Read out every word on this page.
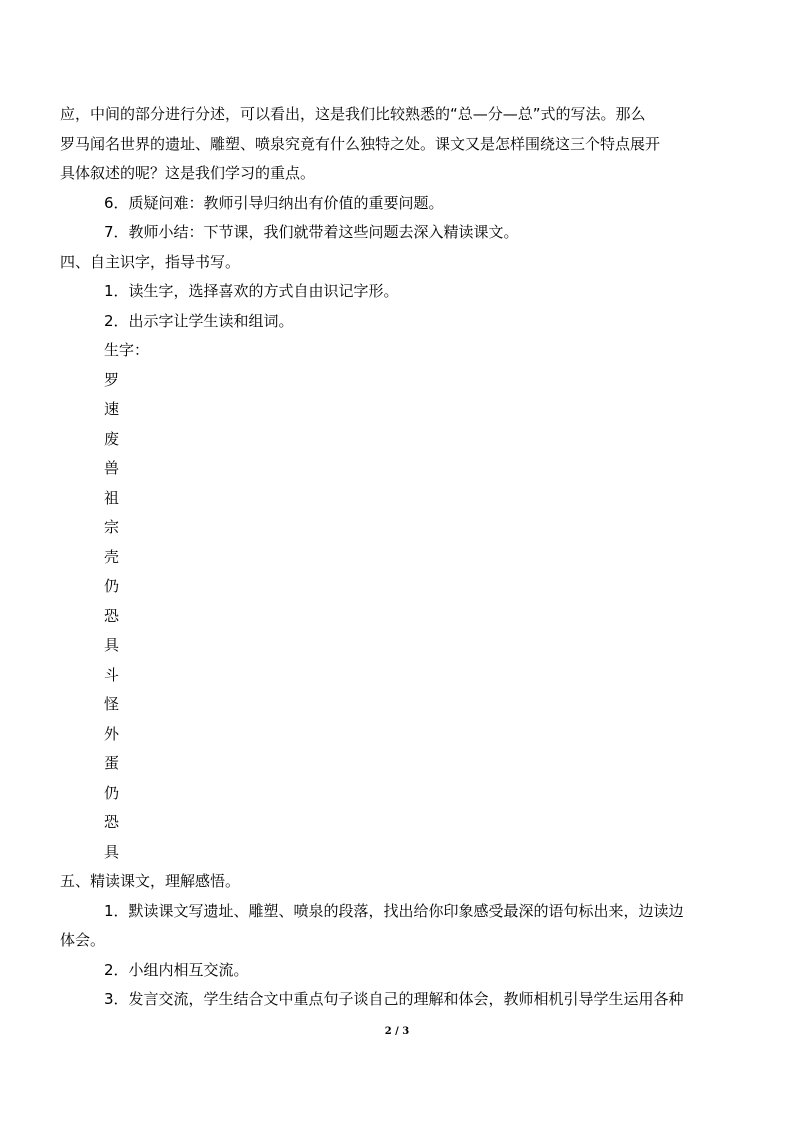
应，中间的部分进行分述，可以看出，这是我们比较熟悉的“总—分—总”式的写法。那么
罗马闻名世界的遗址、雕塑、喷泉究竟有什么独特之处。课文又是怎样围绕这三个特点展开
具体叙述的呢？这是我们学习的重点。
6．质疑问难：教师引导归纳出有价值的重要问题。
7．教师小结：下节课，我们就带着这些问题去深入精读课文。
四、自主识字，指导书写。
1．读生字，选择喜欢的方式自由识记字形。
2．出示字让学生读和组词。
生字：
罗
速
废
兽
祖
宗
壳
仍
恐
具
斗
怪
外
蛋
仍
恐
具
五、精读课文，理解感悟。
1．默读课文写遗址、雕塑、喷泉的段落，找出给你印象感受最深的语句标出来，边读边
体会。
2．小组内相互交流。
3．发言交流，学生结合文中重点句子谈自己的理解和体会，教师相机引导学生运用各种
2 / 3
